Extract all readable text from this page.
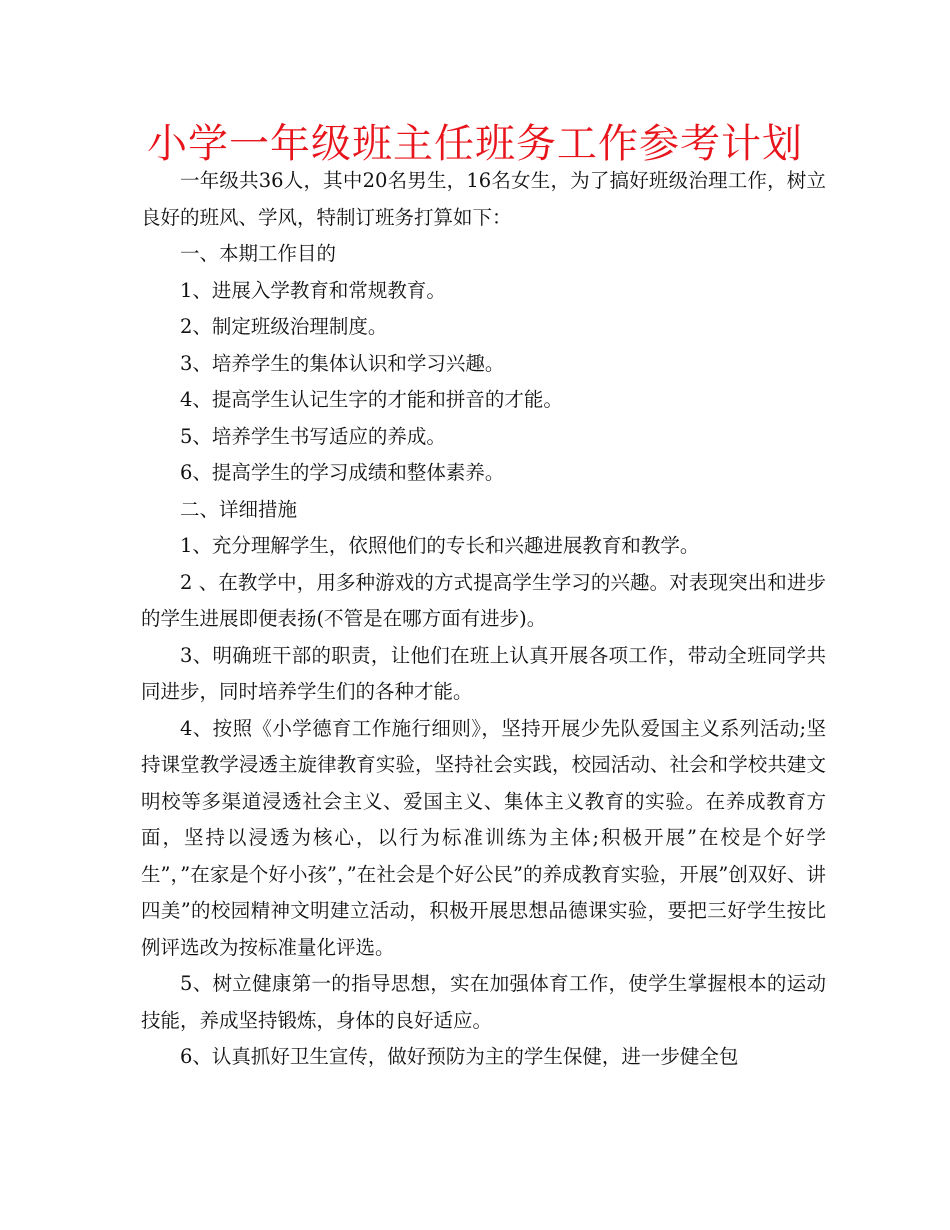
小学一年级班主任班务工作参考计划

一年级共36人，其中20名男生，16名女生，为了搞好班级治理工作，树立良好的班风、学风，特制订班务打算如下：

一、本期工作目的

1、进展入学教育和常规教育。

2、制定班级治理制度。

3、培养学生的集体认识和学习兴趣。

4、提高学生认记生字的才能和拼音的才能。

5、培养学生书写适应的养成。

6、提高学生的学习成绩和整体素养。

二、详细措施

1、充分理解学生，依照他们的专长和兴趣进展教育和教学。

2 、在教学中，用多种游戏的方式提高学生学习的兴趣。对表现突出和进步的学生进展即便表扬(不管是在哪方面有进步)。

3、明确班干部的职责，让他们在班上认真开展各项工作，带动全班同学共同进步，同时培养学生们的各种才能。

4、按照《小学德育工作施行细则》，坚持开展少先队爱国主义系列活动;坚持课堂教学浸透主旋律教育实验，坚持社会实践，校园活动、社会和学校共建文明校等多渠道浸透社会主义、爱国主义、集体主义教育的实验。在养成教育方面，坚持以浸透为核心，以行为标准训练为主体;积极开展”在校是个好学生”，”在家是个好小孩”，”在社会是个好公民”的养成教育实验，开展”创双好、讲四美”的校园精神文明建立活动，积极开展思想品德课实验，要把三好学生按比例评选改为按标准量化评选。

5、树立健康第一的指导思想，实在加强体育工作，使学生掌握根本的运动技能，养成坚持锻炼，身体的良好适应。

6、认真抓好卫生宣传，做好预防为主的学生保健，进一步健全包
